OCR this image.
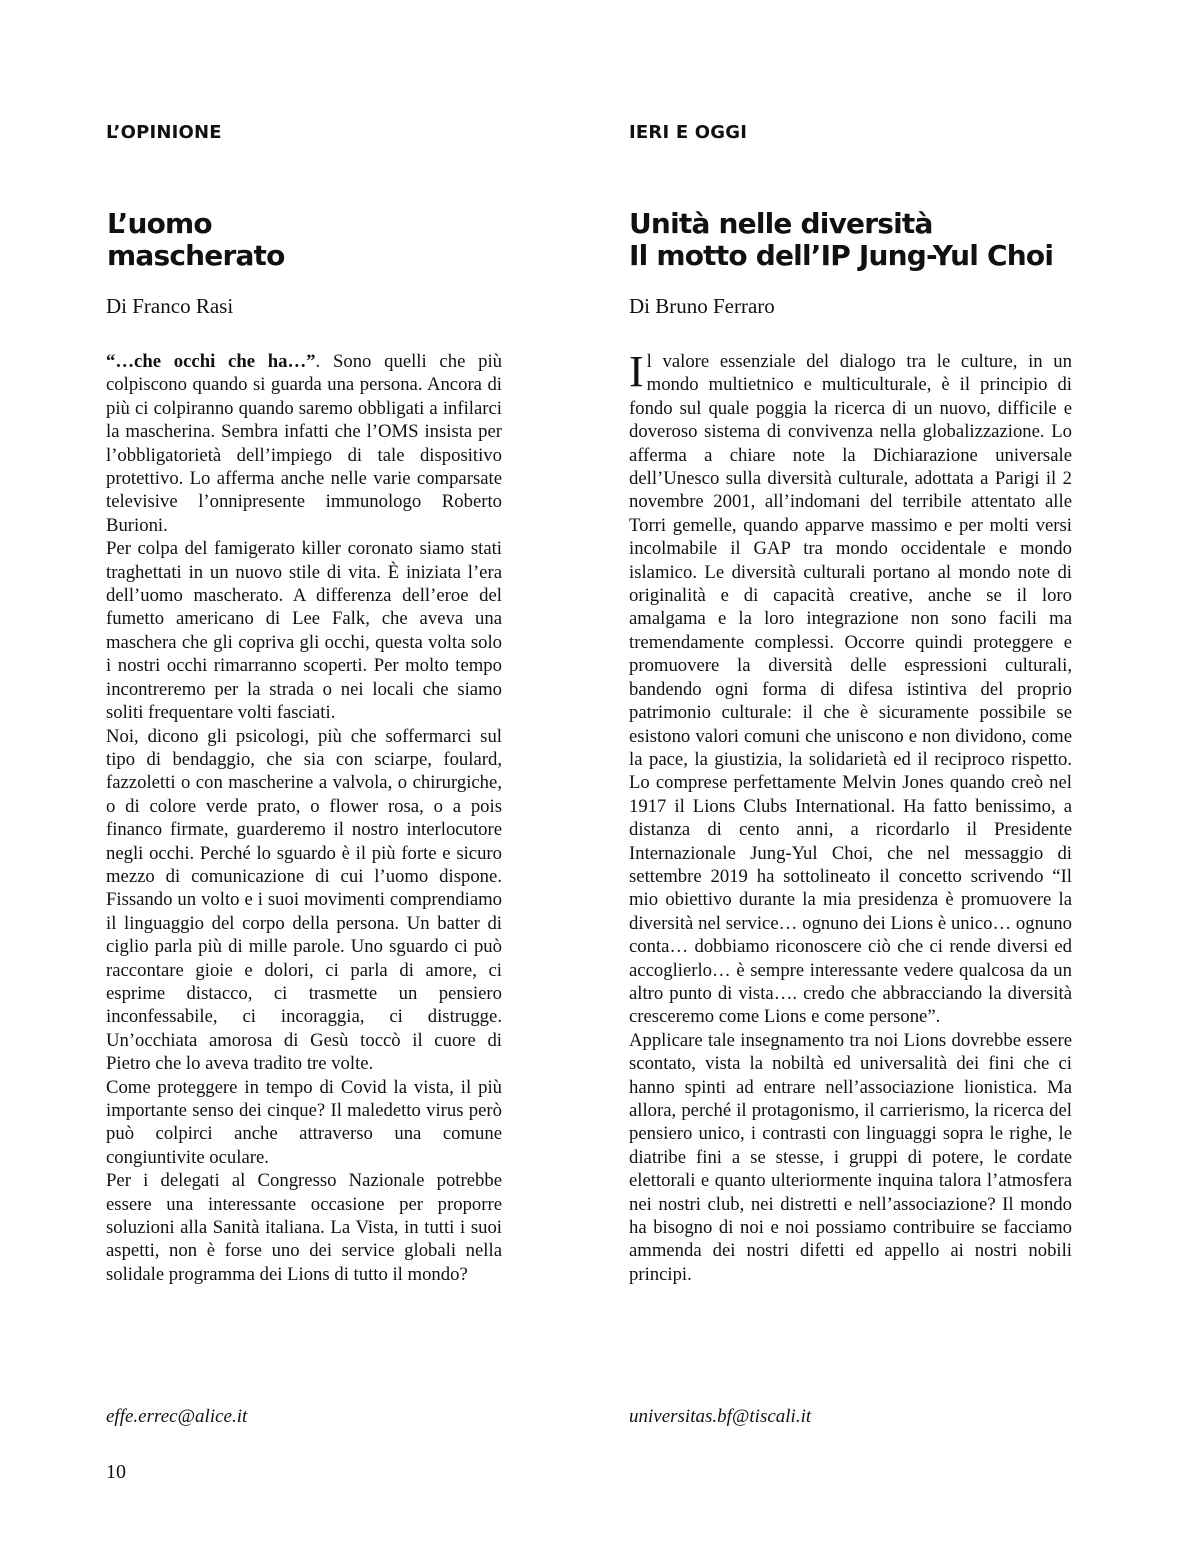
L’OPINIONE
L’uomo
mascherato
Di Franco Rasi

“…che occhi che ha…”. Sono quelli che più colpiscono quando si guarda una persona. Ancora di più ci colpiranno quando saremo obbligati a infilarci la mascherina. Sembra infatti che l’OMS insista per l’obbligatorietà dell’impiego di tale dispositivo protettivo. Lo afferma anche nelle varie comparsate televisive l’onnipresente immunologo Roberto Burioni.

Per colpa del famigerato killer coronato siamo stati traghettati in un nuovo stile di vita. È iniziata l’era dell’uomo mascherato. A differenza dell’eroe del fumetto americano di Lee Falk, che aveva una maschera che gli copriva gli occhi, questa volta solo i nostri occhi rimarranno scoperti. Per molto tempo incontreremo per la strada o nei locali che siamo soliti frequentare volti fasciati.

Noi, dicono gli psicologi, più che soffermarci sul tipo di bendaggio, che sia con sciarpe, foulard, fazzoletti o con mascherine a valvola, o chirurgiche, o di colore verde prato, o flower rosa, o a pois financo firmate, guarderemo il nostro interlocutore negli occhi. Perché lo sguardo è il più forte e sicuro mezzo di comunicazione di cui l’uomo dispone. Fissando un volto e i suoi movimenti comprendiamo il linguaggio del corpo della persona. Un batter di ciglio parla più di mille parole. Uno sguardo ci può raccontare gioie e dolori, ci parla di amore, ci esprime distacco, ci trasmette un pensiero inconfessabile, ci incoraggia, ci distrugge. Un’occhiata amorosa di Gesù toccò il cuore di Pietro che lo aveva tradito tre volte.

Come proteggere in tempo di Covid la vista, il più importante senso dei cinque? Il maledetto virus però può colpirci anche attraverso una comune congiuntivite oculare.

Per i delegati al Congresso Nazionale potrebbe essere una interessante occasione per proporre soluzioni alla Sanità italiana. La Vista, in tutti i suoi aspetti, non è forse uno dei service globali nella solidale programma dei Lions di tutto il mondo?

effe.errec@alice.it
IERI E OGGI
Unità nelle diversità
Il motto dell’IP Jung-Yul Choi
Di Bruno Ferraro

Il valore essenziale del dialogo tra le culture, in un mondo multietnico e multiculturale, è il principio di fondo sul quale poggia la ricerca di un nuovo, difficile e doveroso sistema di convivenza nella globalizzazione. Lo afferma a chiare note la Dichiarazione universale dell’Unesco sulla diversità culturale, adottata a Parigi il 2 novembre 2001, all’indomani del terribile attentato alle Torri gemelle, quando apparve massimo e per molti versi incolmabile il GAP tra mondo occidentale e mondo islamico. Le diversità culturali portano al mondo note di originalità e di capacità creative, anche se il loro amalgama e la loro integrazione non sono facili ma tremendamente complessi. Occorre quindi proteggere e promuovere la diversità delle espressioni culturali, bandendo ogni forma di difesa istintiva del proprio patrimonio culturale: il che è sicuramente possibile se esistono valori comuni che uniscono e non dividono, come la pace, la giustizia, la solidarietà ed il reciproco rispetto. Lo comprese perfettamente Melvin Jones quando creò nel 1917 il Lions Clubs International. Ha fatto benissimo, a distanza di cento anni, a ricordarlo il Presidente Internazionale Jung-Yul Choi, che nel messaggio di settembre 2019 ha sottolineato il concetto scrivendo “Il mio obiettivo durante la mia presidenza è promuovere la diversità nel service… ognuno dei Lions è unico… ognuno conta… dobbiamo riconoscere ciò che ci rende diversi ed accoglierlo… è sempre interessante vedere qualcosa da un altro punto di vista…. credo che abbracciando la diversità cresceremo come Lions e come persone”.

Applicare tale insegnamento tra noi Lions dovrebbe essere scontato, vista la nobiltà ed universalità dei fini che ci hanno spinti ad entrare nell’associazione lionistica. Ma allora, perché il protagonismo, il carrierismo, la ricerca del pensiero unico, i contrasti con linguaggi sopra le righe, le diatribe fini a se stesse, i gruppi di potere, le cordate elettorali e quanto ulteriormente inquina talora l’atmosfera nei nostri club, nei distretti e nell’associazione? Il mondo ha bisogno di noi e noi possiamo contribuire se facciamo ammenda dei nostri difetti ed appello ai nostri nobili principi.

universitas.bf@tiscali.it
10
